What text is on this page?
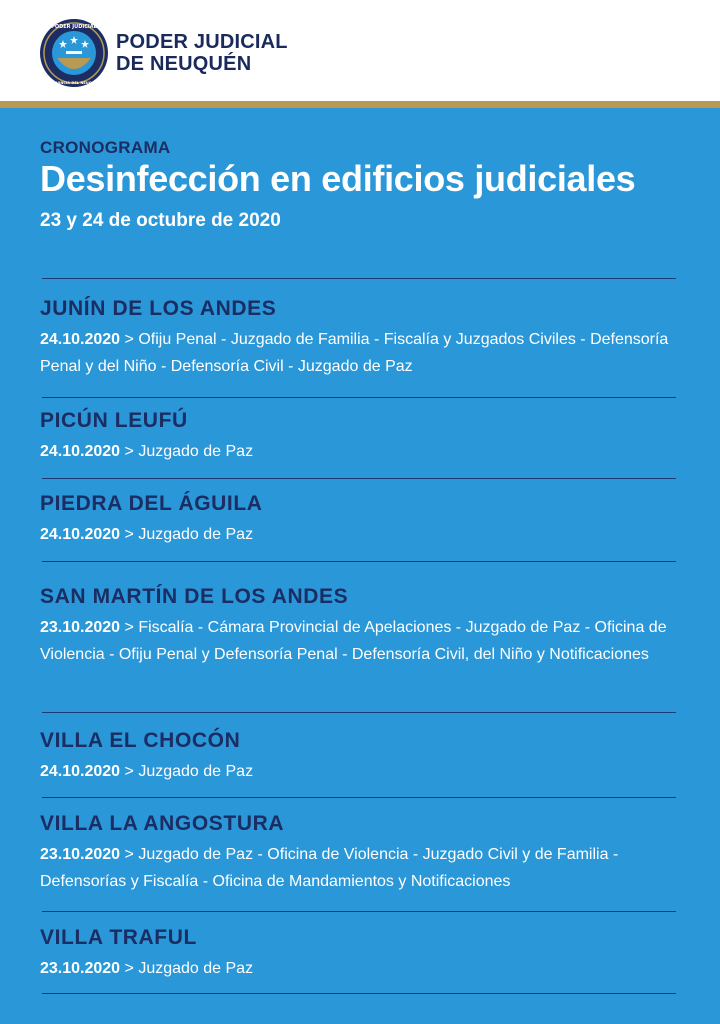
PODER JUDICIAL
PROVINCIA DEL NEUQUÉN
PODER JUDICIAL
DE NEUQUÉN
CRONOGRAMA
Desinfección en edificios judiciales
23 y 24 de octubre de 2020
JUNÍN DE LOS ANDES
24.10.2020 > Ofiju Penal - Juzgado de Familia - Fiscalía y Juzgados Civiles - Defensoría Penal y del Niño - Defensoría Civil - Juzgado de Paz
PICÚN LEUFÚ
24.10.2020 > Juzgado de Paz
PIEDRA DEL ÁGUILA
24.10.2020 > Juzgado de Paz
SAN MARTÍN DE LOS ANDES
23.10.2020 > Fiscalía - Cámara Provincial de Apelaciones - Juzgado de Paz - Oficina de Violencia - Ofiju Penal y Defensoría Penal - Defensoría Civil, del Niño y Notificaciones
VILLA EL CHOCÓN
24.10.2020 > Juzgado de Paz
VILLA LA ANGOSTURA
23.10.2020 > Juzgado de Paz - Oficina de Violencia - Juzgado Civil y de Familia - Defensorías y Fiscalía - Oficina de Mandamientos y Notificaciones
VILLA TRAFUL
23.10.2020 > Juzgado de Paz
